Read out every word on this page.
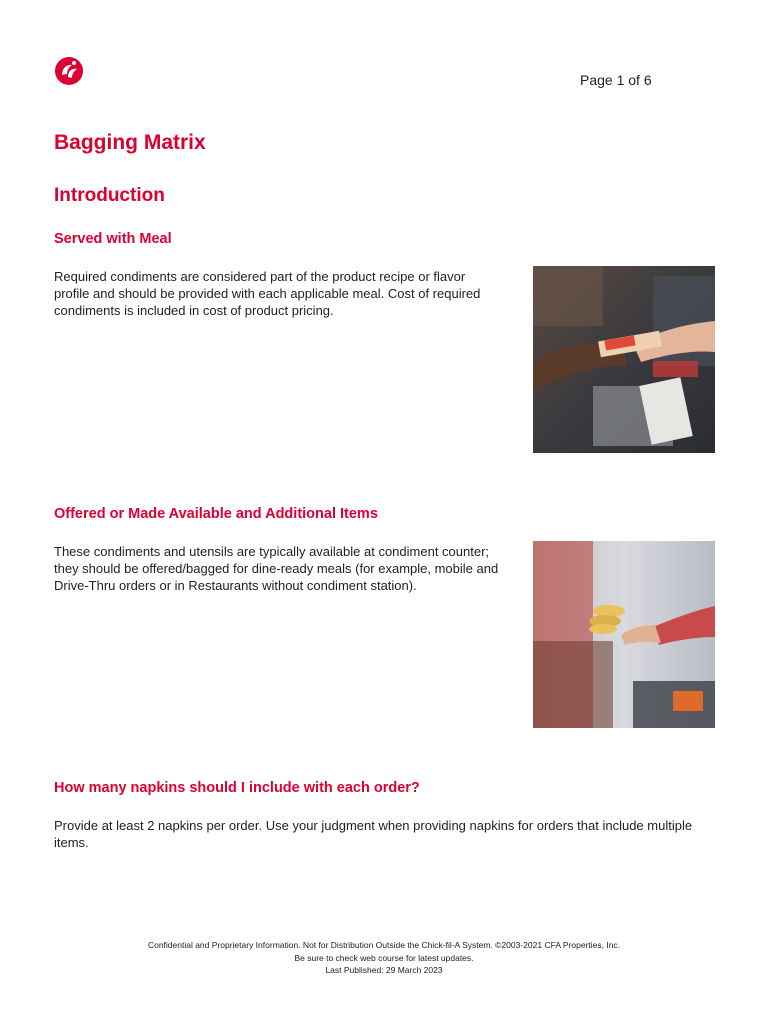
Page 1 of 6
Bagging Matrix
Introduction
Served with Meal

Required condiments are considered part of the product recipe or flavor profile and should be provided with each applicable meal. Cost of required condiments is included in cost of product pricing.

Offered or Made Available and Additional Items

These condiments and utensils are typically available at condiment counter; they should be offered/bagged for dine-ready meals (for example, mobile and Drive-Thru orders or in Restaurants without condiment station).

How many napkins should I include with each order?

Provide at least 2 napkins per order. Use your judgment when providing napkins for orders that include multiple items.

Confidential and Proprietary Information. Not for Distribution Outside the Chick-fil-A System. ©2003-2021 CFA Properties, Inc.
Be sure to check web course for latest updates.
Last Published: 29 March 2023
